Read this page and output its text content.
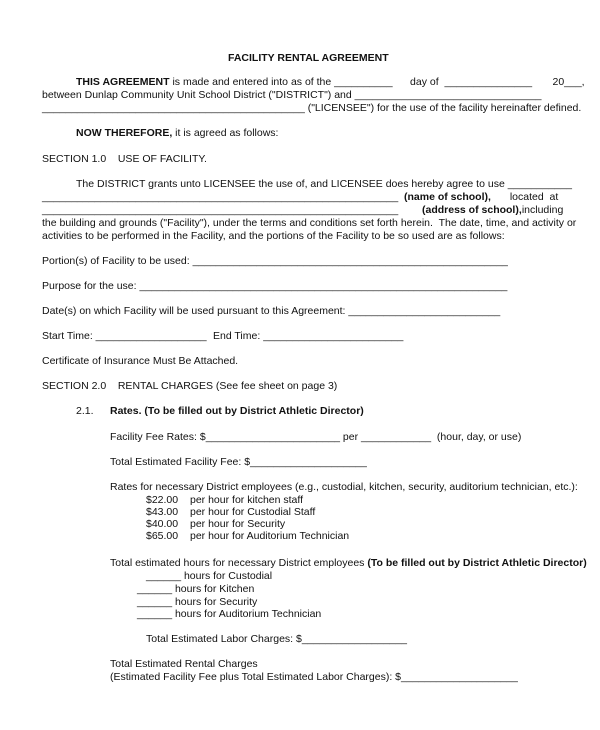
FACILITY RENTAL AGREEMENT
THIS AGREEMENT is made and entered into as of the __________      day of  _______________       20___,
between Dunlap Community Unit School District ("DISTRICT") and ________________________________
_____________________________________________ ("LICENSEE") for the use of the facility hereinafter defined.
NOW THEREFORE, it is agreed as follows:
SECTION 1.0    USE OF FACILITY.
The DISTRICT grants unto LICENSEE the use of, and LICENSEE does hereby agree to use ___________
_____________________________________________________________ (name of school), located  at
_____________________________________________________________ (address of school),
including
the building and grounds ("Facility"), under the terms and conditions set forth herein.  The date, time, and activity or
activities to be performed in the Facility, and the portions of the Facility to be so used are as follows:
Portion(s) of Facility to be used: ______________________________________________________
Purpose for the use: _______________________________________________________________
Date(s) on which Facility will be used pursuant to this Agreement: __________________________
Start Time: ___________________ End Time: ________________________
Certificate of Insurance Must Be Attached.
SECTION 2.0    RENTAL CHARGES (See fee sheet on page 3)
2.1. Rates. (To be filled out by District Athletic Director)
Facility Fee Rates: $_______________________ per ____________  (hour, day, or use)
Total Estimated Facility Fee: $____________________
Rates for necessary District employees (e.g., custodial, kitchen, security, auditorium technician, etc.):
$22.00 per hour for kitchen staff
$43.00 per hour for Custodial Staff
$40.00 per hour for Security
$65.00 per hour for Auditorium Technician
Total estimated hours for necessary District employees (To be filled out by District Athletic Director)
______ hours for Custodial
______ hours for Kitchen
______ hours for Security
______ hours for Auditorium Technician
Total Estimated Labor Charges: $__________________
Total Estimated Rental Charges
(Estimated Facility Fee plus Total Estimated Labor Charges): $____________________
